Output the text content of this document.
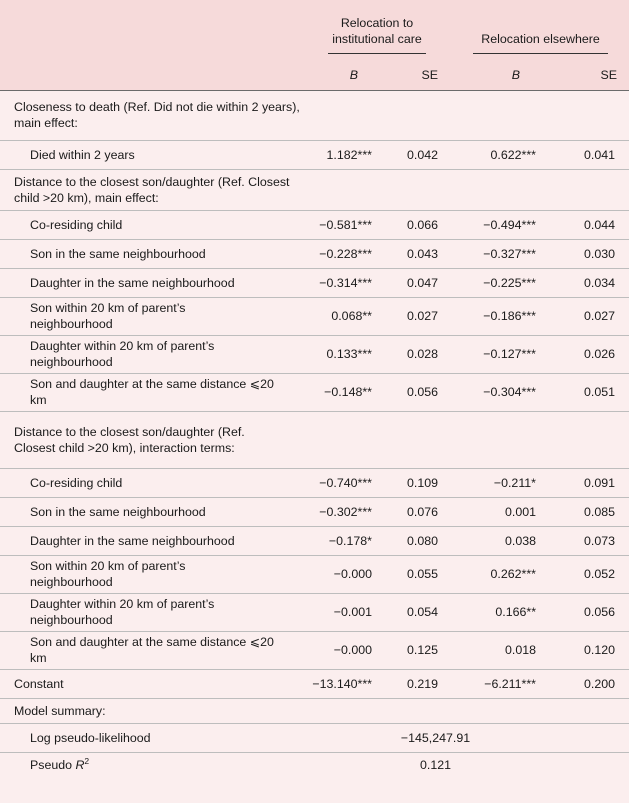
	Relocation to
institutional care		Relocation elsewhere	
	B	SE	B	SE
Closeness to death (Ref. Did not die within 2 years), main effect:				
Died within 2 years	1.182***	0.042	0.622***	0.041
Distance to the closest son/daughter (Ref. Closest child >20 km), main effect:				
Co-residing child	−0.581***	0.066	−0.494***	0.044
Son in the same neighbourhood	−0.228***	0.043	−0.327***	0.030
Daughter in the same neighbourhood	−0.314***	0.047	−0.225***	0.034
Son within 20 km of parent’s neighbourhood	0.068**	0.027	−0.186***	0.027
Daughter within 20 km of parent’s neighbourhood	0.133***	0.028	−0.127***	0.026
Son and daughter at the same distance ⩽20 km	−0.148**	0.056	−0.304***	0.051
Distance to the closest son/daughter (Ref. Closest child >20 km), interaction terms:				
Co-residing child	−0.740***	0.109	−0.211*	0.091
Son in the same neighbourhood	−0.302***	0.076	0.001	0.085
Daughter in the same neighbourhood	−0.178*	0.080	0.038	0.073
Son within 20 km of parent’s neighbourhood	−0.000	0.055	0.262***	0.052
Daughter within 20 km of parent’s neighbourhood	−0.001	0.054	0.166**	0.056
Son and daughter at the same distance ⩽20 km	−0.000	0.125	0.018	0.120
Constant	−13.140***	0.219	−6.211***	0.200
Model summary:				
Log pseudo-likelihood	−145,247.91			
Pseudo $R^2$	0.121			
